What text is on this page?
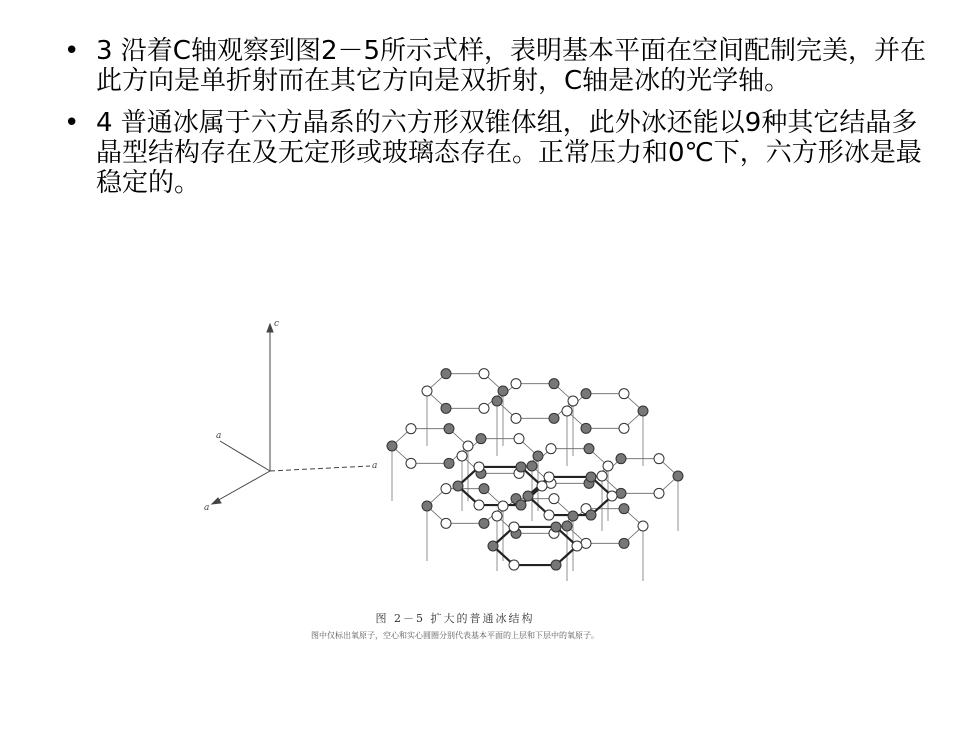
• 3 沿着C轴观察到图2－5所示式样，表明基本平面在空间配制完美，并在此方向是单折射而在其它方向是双折射，C轴是冰的光学轴。
• 4 普通冰属于六方晶系的六方形双锥体组，此外冰还能以9种其它结晶多晶型结构存在及无定形或玻璃态存在。正常压力和0℃下，六方形冰是最稳定的。
c
a
a
a
图 2－5 扩大的普通冰结构
图中仅标出氧原子，空心和实心圆圈分别代表基本平面的上层和下层中的氧原子。
